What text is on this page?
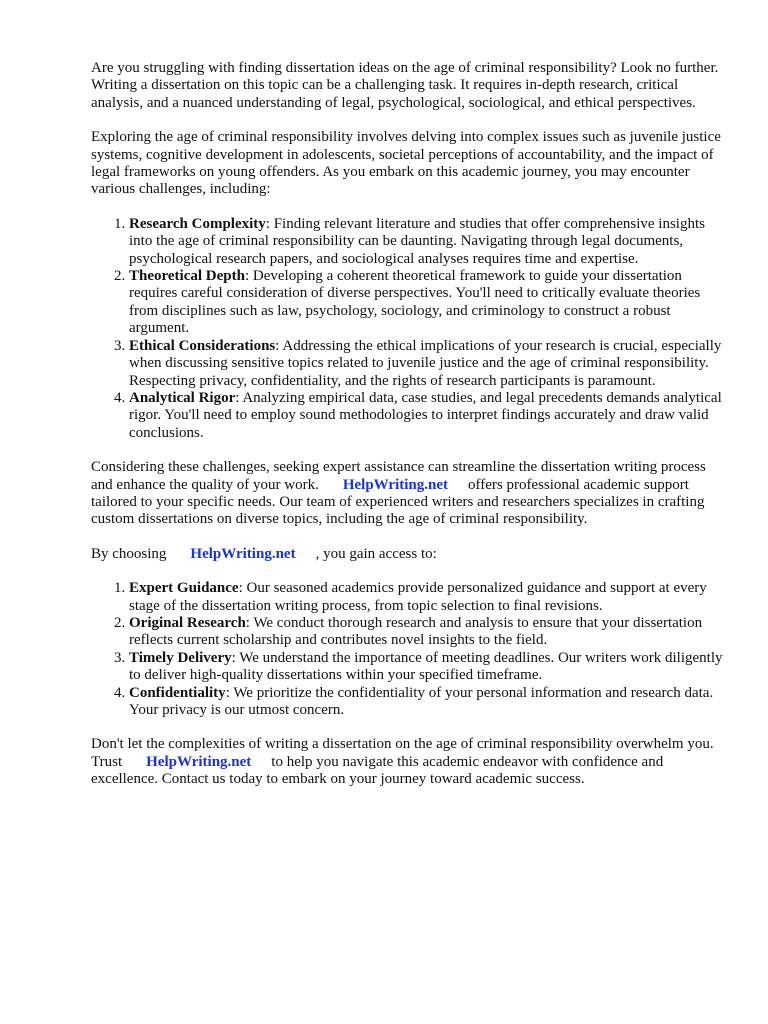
Are you struggling with finding dissertation ideas on the age of criminal responsibility? Look no further. Writing a dissertation on this topic can be a challenging task. It requires in-depth research, critical analysis, and a nuanced understanding of legal, psychological, sociological, and ethical perspectives.

Exploring the age of criminal responsibility involves delving into complex issues such as juvenile justice systems, cognitive development in adolescents, societal perceptions of accountability, and the impact of legal frameworks on young offenders. As you embark on this academic journey, you may encounter various challenges, including:

1. Research Complexity: Finding relevant literature and studies that offer comprehensive insights into the age of criminal responsibility can be daunting. Navigating through legal documents, psychological research papers, and sociological analyses requires time and expertise.
2. Theoretical Depth: Developing a coherent theoretical framework to guide your dissertation requires careful consideration of diverse perspectives. You'll need to critically evaluate theories from disciplines such as law, psychology, sociology, and criminology to construct a robust argument.
3. Ethical Considerations: Addressing the ethical implications of your research is crucial, especially when discussing sensitive topics related to juvenile justice and the age of criminal responsibility. Respecting privacy, confidentiality, and the rights of research participants is paramount.
4. Analytical Rigor: Analyzing empirical data, case studies, and legal precedents demands analytical rigor. You'll need to employ sound methodologies to interpret findings accurately and draw valid conclusions.

Considering these challenges, seeking expert assistance can streamline the dissertation writing process and enhance the quality of your work. HelpWriting.net offers professional academic support tailored to your specific needs. Our team of experienced writers and researchers specializes in crafting custom dissertations on diverse topics, including the age of criminal responsibility.

By choosing HelpWriting.net , you gain access to:

1. Expert Guidance: Our seasoned academics provide personalized guidance and support at every stage of the dissertation writing process, from topic selection to final revisions.
2. Original Research: We conduct thorough research and analysis to ensure that your dissertation reflects current scholarship and contributes novel insights to the field.
3. Timely Delivery: We understand the importance of meeting deadlines. Our writers work diligently to deliver high-quality dissertations within your specified timeframe.
4. Confidentiality: We prioritize the confidentiality of your personal information and research data. Your privacy is our utmost concern.

Don't let the complexities of writing a dissertation on the age of criminal responsibility overwhelm you. Trust HelpWriting.net to help you navigate this academic endeavor with confidence and excellence. Contact us today to embark on your journey toward academic success.
